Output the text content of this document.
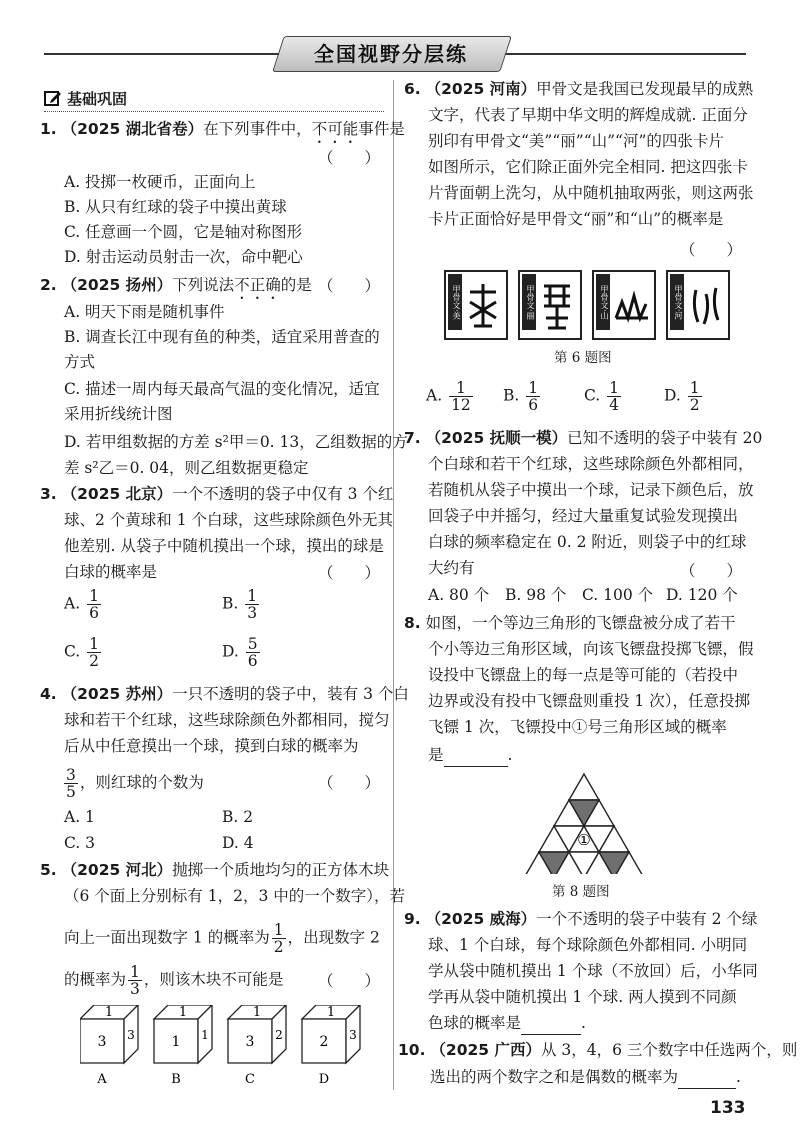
全国视野分层练
基础巩固
1. （2025 湖北省卷）在下列事件中，不可能事件是
（　　）
A. 投掷一枚硬币，正面向上
B. 从只有红球的袋子中摸出黄球
C. 任意画一个圆，它是轴对称图形
D. 射击运动员射击一次，命中靶心
2. （2025 扬州）下列说法不正确的是 （　　）
A. 明天下雨是随机事件
B. 调查长江中现有鱼的种类，适宜采用普查的
方式
C. 描述一周内每天最高气温的变化情况，适宜
采用折线统计图
D. 若甲组数据的方差 s²甲＝0. 13，乙组数据的方
差 s²乙＝0. 04，则乙组数据更稳定
3. （2025 北京）一个不透明的袋子中仅有 3 个红
球、2 个黄球和 1 个白球，这些球除颜色外无其
他差别. 从袋子中随机摸出一个球，摸出的球是
白球的概率是	（　　）
A. $\frac{1}{6}$	B. $\frac{1}{3}$
C. $\frac{1}{2}$	D. $\frac{5}{6}$
4. （2025 苏州）一只不透明的袋子中，装有 3 个白
球和若干个红球，这些球除颜色外都相同，搅匀
后从中任意摸出一个球，摸到白球的概率为
$\frac{3}{5}$ ，则红球的个数为	（　　）
A. 1	B. 2
C. 3	D. 4
5. （2025 河北）抛掷一个质地均匀的正方体木块
（6 个面上分别标有 1，2，3 中的一个数字），若
向上一面出现数字 1 的概率为 $\frac{1}{2}$ ，出现数字 2
的概率为 $\frac{1}{3}$ ，则该木块不可能是 （　　）
1
3 3
A
1
1 1
B
1
3 2
C
1
2 3
D
6. （2025 河南）甲骨文是我国已发现最早的成熟
文字，代表了早期中华文明的辉煌成就. 正面分
别印有甲骨文“美”“丽”“山”“河”的四张卡片
如图所示，它们除正面外完全相同. 把这四张卡
片背面朝上洗匀，从中随机抽取两张，则这两张
卡片正面恰好是甲骨文“丽”和“山”的概率是
（　　）
甲骨文·美	甲骨文·丽	甲骨文·山	甲骨文·河
第 6 题图
A. $\frac{1}{12} B$. $\frac{1}{6}$	C. $\frac{1}{4}$	D. $\frac{1}{2}$
7. （2025 抚顺一模）已知不透明的袋子中装有 20
个白球和若干个红球，这些球除颜色外都相同，
若随机从袋子中摸出一个球，记录下颜色后，放
回袋子中并摇匀，经过大量重复试验发现摸出
白球的频率稳定在 0. 2 附近，则袋子中的红球
大约有	（　　）
A. 80 个 B. 98 个 C. 100 个 D. 120 个
8. 如图，一个等边三角形的飞镖盘被分成了若干
个小等边三角形区域，向该飞镖盘投掷飞镖，假
设投中飞镖盘上的每一点是等可能的（若投中
边界或没有投中飞镖盘则重投 1 次），任意投掷
飞镖 1 次，飞镖投中①号三角形区域的概率
是	.
①
第 8 题图
9. （2025 威海）一个不透明的袋子中装有 2 个绿
球、1 个白球，每个球除颜色外都相同. 小明同
学从袋中随机摸出 1 个球（不放回）后，小华同
学再从袋中随机摸出 1 个球. 两人摸到不同颜
色球的概率是	.
10. （2025 广西）从 3，4，6 三个数字中任选两个，则
选出的两个数字之和是偶数的概率为	.
133
